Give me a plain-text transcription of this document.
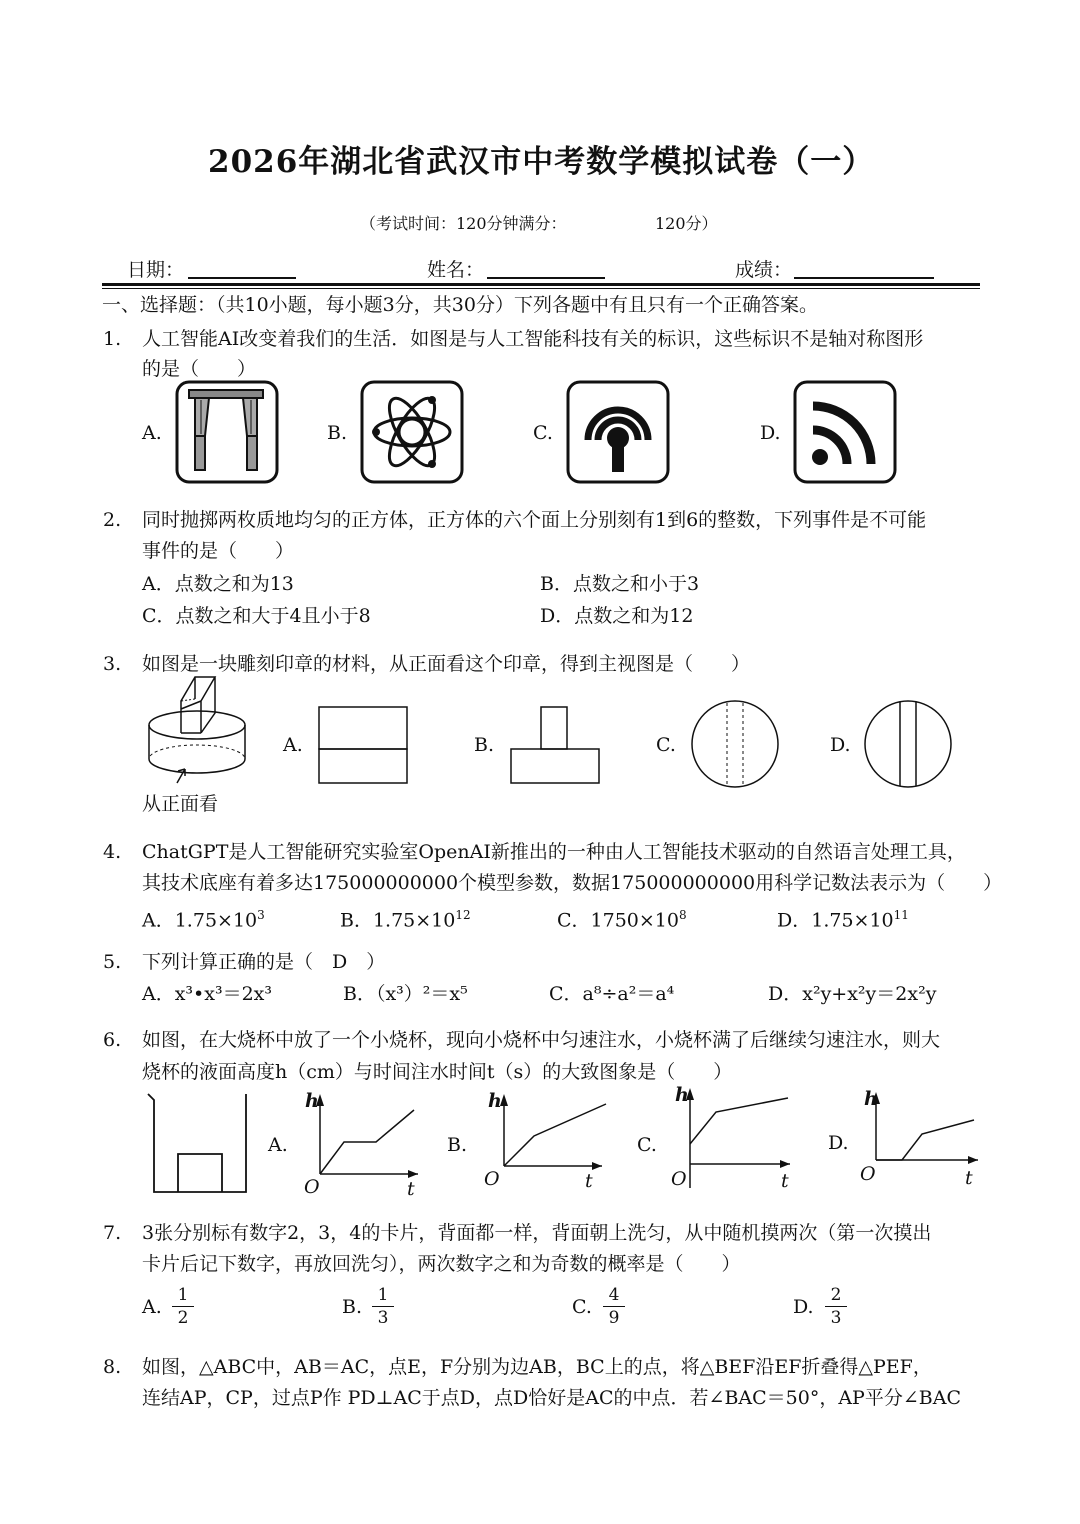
2026年湖北省武汉市中考数学模拟试卷（一）
（考试时间：120分钟满分：	120分）
日期：	姓名：	成绩：
一、选择题：（共10小题，每小题3分，共30分）下列各题中有且只有一个正确答案。
1. 人工智能AI改变着我们的生活．如图是与人工智能科技有关的标识，这些标识不是轴对称图形
的是（　　）
A.	B.	C.	D.
2. 同时抛掷两枚质地均匀的正方体，正方体的六个面上分别刻有1到6的整数，下列事件是不可能
事件的是（　　）
A．点数之和为13	B．点数之和小于3
C．点数之和大于4且小于8	D．点数之和为12
3. 如图是一块雕刻印章的材料，从正面看这个印章，得到主视图是（　　）
从正面看
A.	B.	C.	D.
4. ChatGPT是人工智能研究实验室OpenAI新推出的一种由人工智能技术驱动的自然语言处理工具，
其技术底座有着多达175000000000个模型参数，数据175000000000用科学记数法表示为（　　）
A．$1.75\times 10^3$	B．$1.75\times 10^{12}$	C．$1750\times 10^8$	D．$1.75\times 10^{11}$
5. 下列计算正确的是（　D　）
A．x³•x³＝2x³	B．（x³）²＝x⁵	C．a⁸÷a²＝a⁴	D．x²y+x²y＝2x²y
6. 如图，在大烧杯中放了一个小烧杯，现向小烧杯中匀速注水，小烧杯满了后继续匀速注水，则大
烧杯的液面高度h（cm）与时间注水时间t（s）的大致图象是（　　）
A.
h
O	t
B.
h
O	t
C.
h
O	t
D.
h
O	t
7. 3张分别标有数字2，3，4的卡片，背面都一样，背面朝上洗匀，从中随机摸两次（第一次摸出
卡片后记下数字，再放回洗匀），两次数字之和为奇数的概率是（　　）
A. $\frac{1}{2}$	B. $\frac{1}{3}$	C. $\frac{4}{9}$	D. $\frac{2}{3}$
8. 如图，△ABC中，AB＝AC，点E，F分别为边AB，BC上的点，将△BEF沿EF折叠得△PEF，
连结AP，CP，过点P作 PD⊥AC于点D，点D恰好是AC的中点．若∠BAC＝50°，AP平分∠BAC
